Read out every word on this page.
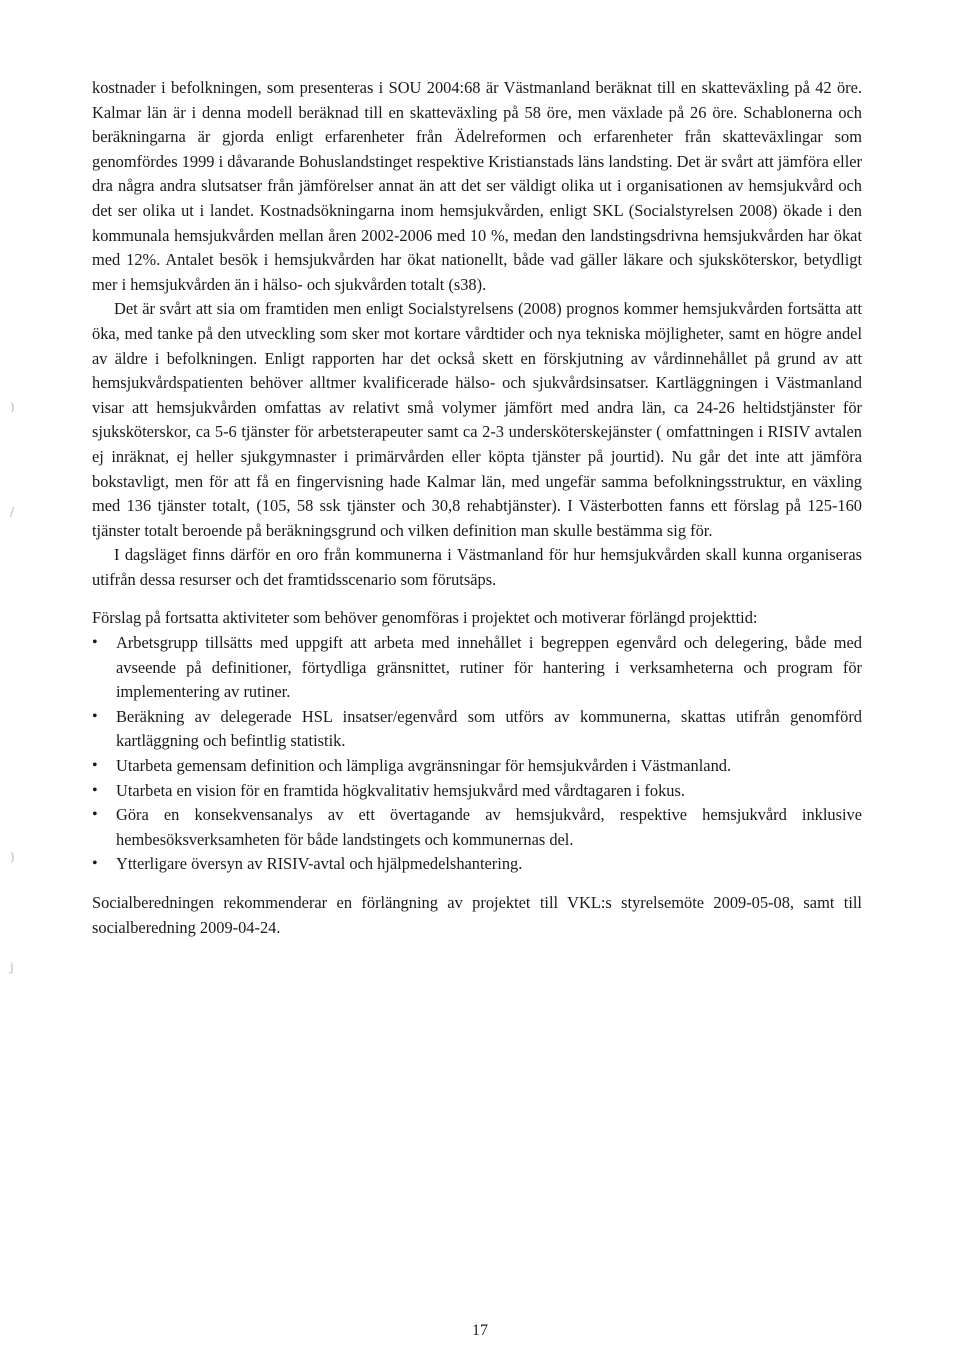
)
/
)
j

kostnader i befolkningen, som presenteras i SOU 2004:68 är Västmanland beräknat till en skatteväxling på 42 öre. Kalmar län är i denna modell beräknad till en skatteväxling på 58 öre, men växlade på 26 öre. Schablonerna och beräkningarna är gjorda enligt erfarenheter från Ädelreformen och erfarenheter från skatteväxlingar som genomfördes 1999 i dåvarande Bohuslandstinget respektive Kristianstads läns landsting. Det är svårt att jämföra eller dra några andra slutsatser från jämförelser annat än att det ser väldigt olika ut i organisationen av hemsjukvård och det ser olika ut i landet. Kostnadsökningarna inom hemsjukvården, enligt SKL (Socialstyrelsen 2008) ökade i den kommunala hemsjukvården mellan åren 2002-2006 med 10 %, medan den landstingsdrivna hemsjukvården har ökat med 12%. Antalet besök i hemsjukvården har ökat nationellt, både vad gäller läkare och sjuksköterskor, betydligt mer i hemsjukvården än i hälso- och sjukvården totalt (s38).

Det är svårt att sia om framtiden men enligt Socialstyrelsens (2008) prognos kommer hemsjukvården fortsätta att öka, med tanke på den utveckling som sker mot kortare vårdtider och nya tekniska möjligheter, samt en högre andel av äldre i befolkningen. Enligt rapporten har det också skett en förskjutning av vårdinnehållet på grund av att hemsjukvårdspatienten behöver alltmer kvalificerade hälso- och sjukvårdsinsatser. Kartläggningen i Västmanland visar att hemsjukvården omfattas av relativt små volymer jämfört med andra län, ca 24-26 heltidstjänster för sjuksköterskor, ca 5-6 tjänster för arbetsterapeuter samt ca 2-3 undersköterskejänster ( omfattningen i RISIV avtalen ej inräknat, ej heller sjukgymnaster i primärvården eller köpta tjänster på jourtid). Nu går det inte att jämföra bokstavligt, men för att få en fingervisning hade Kalmar län, med ungefär samma befolkningsstruktur, en växling med 136 tjänster totalt, (105, 58 ssk tjänster och 30,8 rehabtjänster). I Västerbotten fanns ett förslag på 125-160 tjänster totalt beroende på beräkningsgrund och vilken definition man skulle bestämma sig för.

I dagsläget finns därför en oro från kommunerna i Västmanland för hur hemsjukvården skall kunna organiseras utifrån dessa resurser och det framtidsscenario som förutsäps.

Förslag på fortsatta aktiviteter som behöver genomföras i projektet och motiverar förlängd projekttid:

•	Arbetsgrupp tillsätts med uppgift att arbeta med innehållet i begreppen egenvård och delegering, både med avseende på definitioner, förtydliga gränsnittet, rutiner för hantering i verksamheterna och program för implementering av rutiner.
•	Beräkning av delegerade HSL insatser/egenvård som utförs av kommunerna, skattas utifrån genomförd kartläggning och befintlig statistik.
•	Utarbeta gemensam definition och lämpliga avgränsningar för hemsjukvården i Västmanland.
•	Utarbeta en vision för en framtida högkvalitativ hemsjukvård med vårdtagaren i fokus.
•	Göra en konsekvensanalys av ett övertagande av hemsjukvård, respektive hemsjukvård inklusive hembesöksverksamheten för både landstingets och kommunernas del.
•	Ytterligare översyn av RISIV-avtal och hjälpmedelshantering.

Socialberedningen rekommenderar en förlängning av projektet till VKL:s styrelsemöte 2009-05-08, samt till socialberedning 2009-04-24.

17
